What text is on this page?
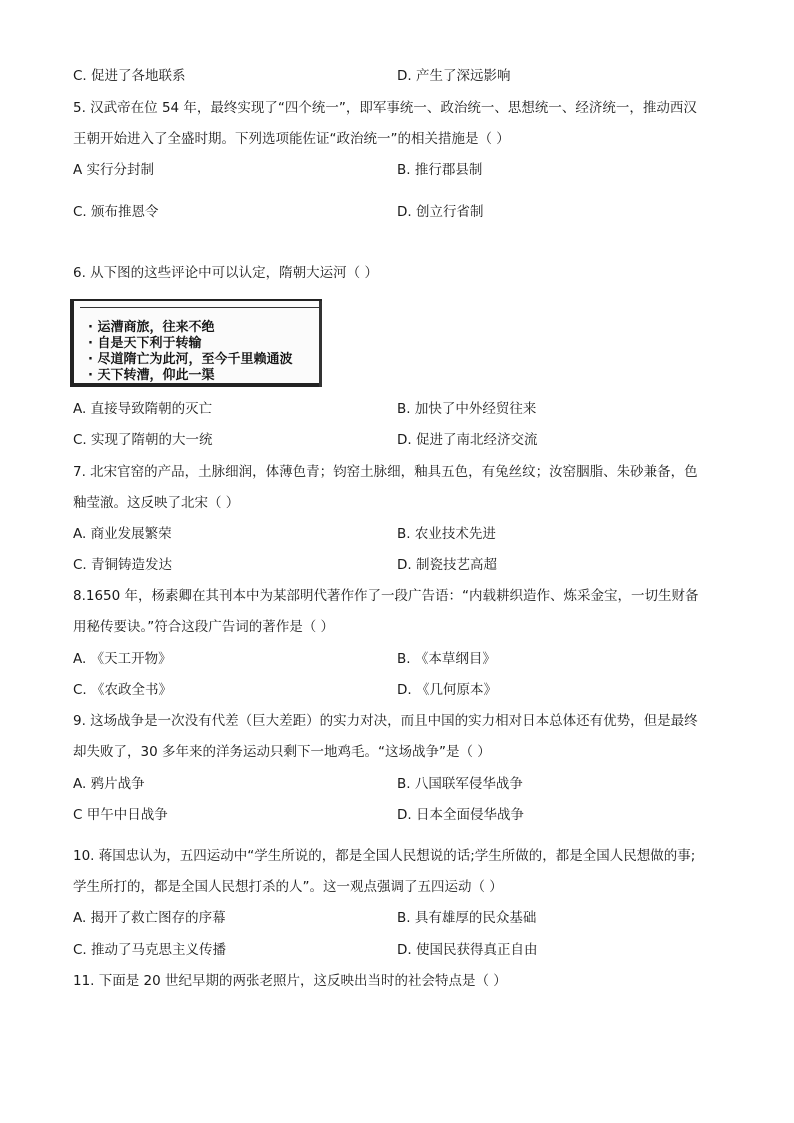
C. 促进了各地联系	D. 产生了深远影响
5. 汉武帝在位 54 年，最终实现了“四个统一”，即军事统一、政治统一、思想统一、经济统一，推动西汉
王朝开始进入了全盛时期。下列选项能佐证“政治统一”的相关措施是（ ）
A 实行分封制	B. 推行郡县制
C. 颁布推恩令	D. 创立行省制
6. 从下图的这些评论中可以认定，隋朝大运河（ ）
· 运漕商旅，往来不绝
· 自是天下利于转输
· 尽道隋亡为此河，至今千里赖通波
· 天下转漕，仰此一渠
A. 直接导致隋朝的灭亡	B. 加快了中外经贸往来
C. 实现了隋朝的大一统	D. 促进了南北经济交流
7. 北宋官窑的产品，土脉细润，体薄色青；钧窑土脉细，釉具五色，有兔丝纹；汝窑胭脂、朱砂兼备，色
釉莹澈。这反映了北宋（ ）
A. 商业发展繁荣	B. 农业技术先进
C. 青铜铸造发达	D. 制瓷技艺高超
8.1650 年，杨素卿在其刊本中为某部明代著作作了一段广告语：“内载耕织造作、炼采金宝，一切生财备
用秘传要诀。”符合这段广告词的著作是（ ）
A. 《天工开物》	B. 《本草纲目》
C. 《农政全书》	D. 《几何原本》
9. 这场战争是一次没有代差（巨大差距）的实力对决，而且中国的实力相对日本总体还有优势，但是最终
却失败了，30 多年来的洋务运动只剩下一地鸡毛。“这场战争”是（ ）
A. 鸦片战争	B. 八国联军侵华战争
C 甲午中日战争	D. 日本全面侵华战争
10. 蒋国忠认为，五四运动中“学生所说的，都是全国人民想说的话;学生所做的，都是全国人民想做的事;
学生所打的，都是全国人民想打杀的人”。这一观点强调了五四运动（ ）
A. 揭开了救亡图存的序幕	B. 具有雄厚的民众基础
C. 推动了马克思主义传播	D. 使国民获得真正自由
11. 下面是 20 世纪早期的两张老照片，这反映出当时的社会特点是（ ）
